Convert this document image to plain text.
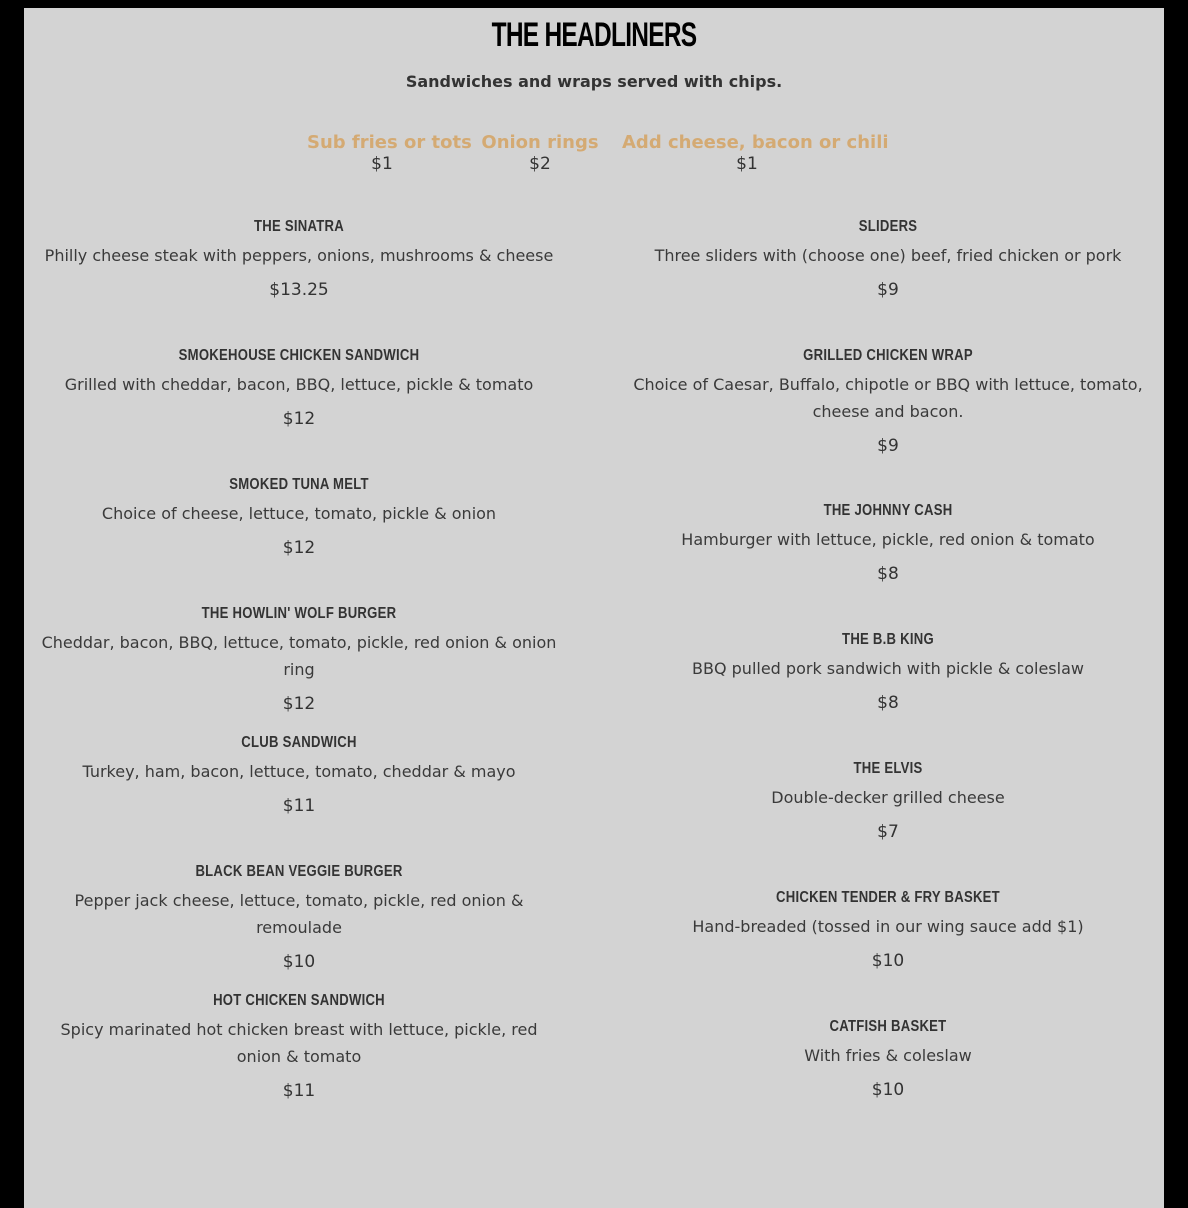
THE HEADLINERS
Sandwiches and wraps served with chips.
Sub fries or tots
$1
Onion rings
$2
Add cheese, bacon or chili
$1
THE SINATRA
Philly cheese steak with peppers, onions, mushrooms & cheese
$13.25
SMOKEHOUSE CHICKEN SANDWICH
Grilled with cheddar, bacon, BBQ, lettuce, pickle & tomato
$12
SMOKED TUNA MELT
Choice of cheese, lettuce, tomato, pickle & onion
$12
THE HOWLIN' WOLF BURGER
Cheddar, bacon, BBQ, lettuce, tomato, pickle, red onion & onion ring
$12
CLUB SANDWICH
Turkey, ham, bacon, lettuce, tomato, cheddar & mayo
$11
BLACK BEAN VEGGIE BURGER
Pepper jack cheese, lettuce, tomato, pickle, red onion & remoulade
$10
HOT CHICKEN SANDWICH
Spicy marinated hot chicken breast with lettuce, pickle, red onion & tomato
$11
SLIDERS
Three sliders with (choose one) beef, fried chicken or pork
$9
GRILLED CHICKEN WRAP
Choice of Caesar, Buffalo, chipotle or BBQ with lettuce, tomato, cheese and bacon.
$9
THE JOHNNY CASH
Hamburger with lettuce, pickle, red onion & tomato
$8
THE B.B KING
BBQ pulled pork sandwich with pickle & coleslaw
$8
THE ELVIS
Double-decker grilled cheese
$7
CHICKEN TENDER & FRY BASKET
Hand-breaded (tossed in our wing sauce add $1)
$10
CATFISH BASKET
With fries & coleslaw
$10
